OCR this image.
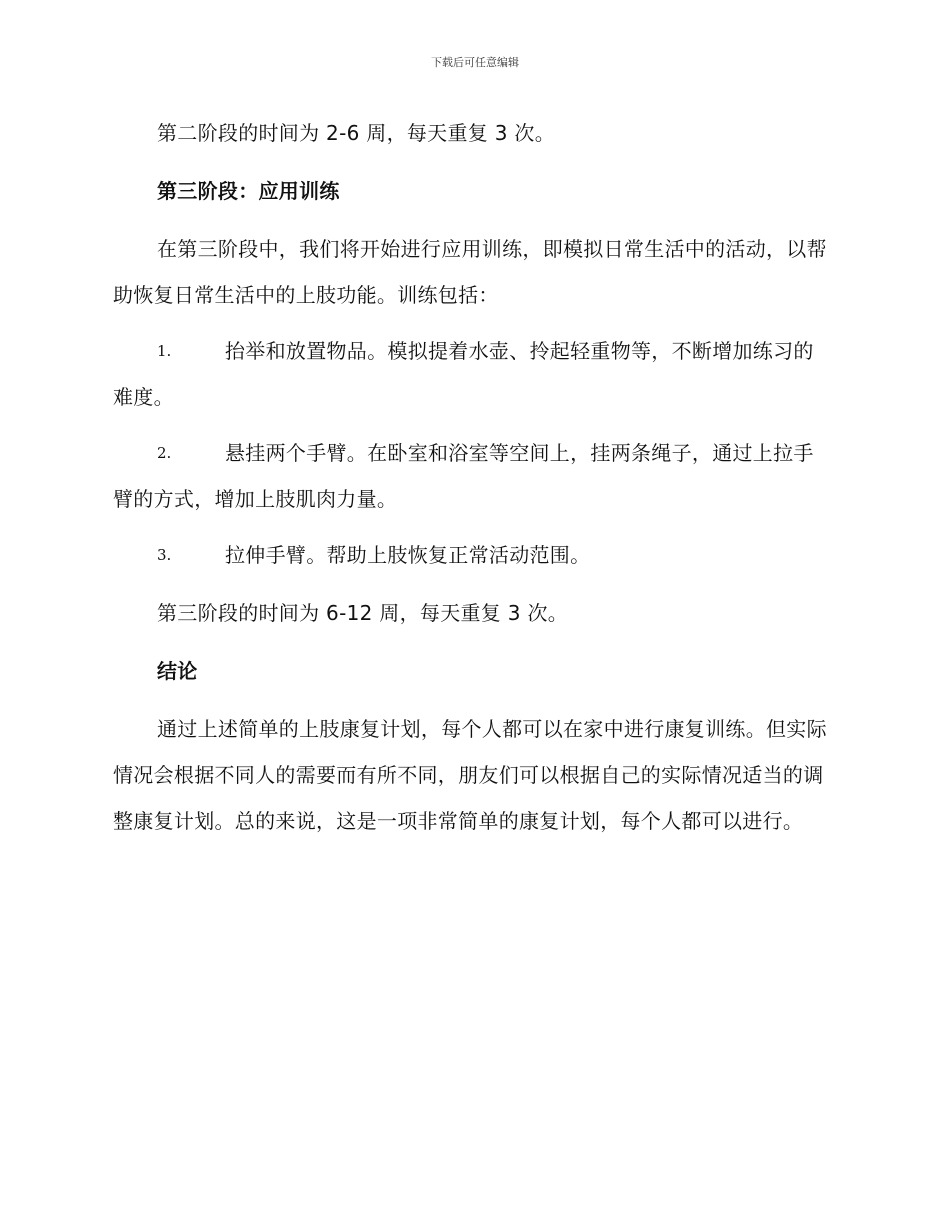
下载后可任意编辑

第二阶段的时间为 2-6 周，每天重复 3 次。

第三阶段：应用训练

在第三阶段中，我们将开始进行应用训练，即模拟日常生活中的活动，以帮助恢复日常生活中的上肢功能。训练包括：

1.	抬举和放置物品。模拟提着水壶、拎起轻重物等，不断增加练习的难度。

2.	悬挂两个手臂。在卧室和浴室等空间上，挂两条绳子，通过上拉手臂的方式，增加上肢肌肉力量。

3.	拉伸手臂。帮助上肢恢复正常活动范围。

第三阶段的时间为 6-12 周，每天重复 3 次。

结论

通过上述简单的上肢康复计划，每个人都可以在家中进行康复训练。但实际情况会根据不同人的需要而有所不同，朋友们可以根据自己的实际情况适当的调整康复计划。总的来说，这是一项非常简单的康复计划，每个人都可以进行。
